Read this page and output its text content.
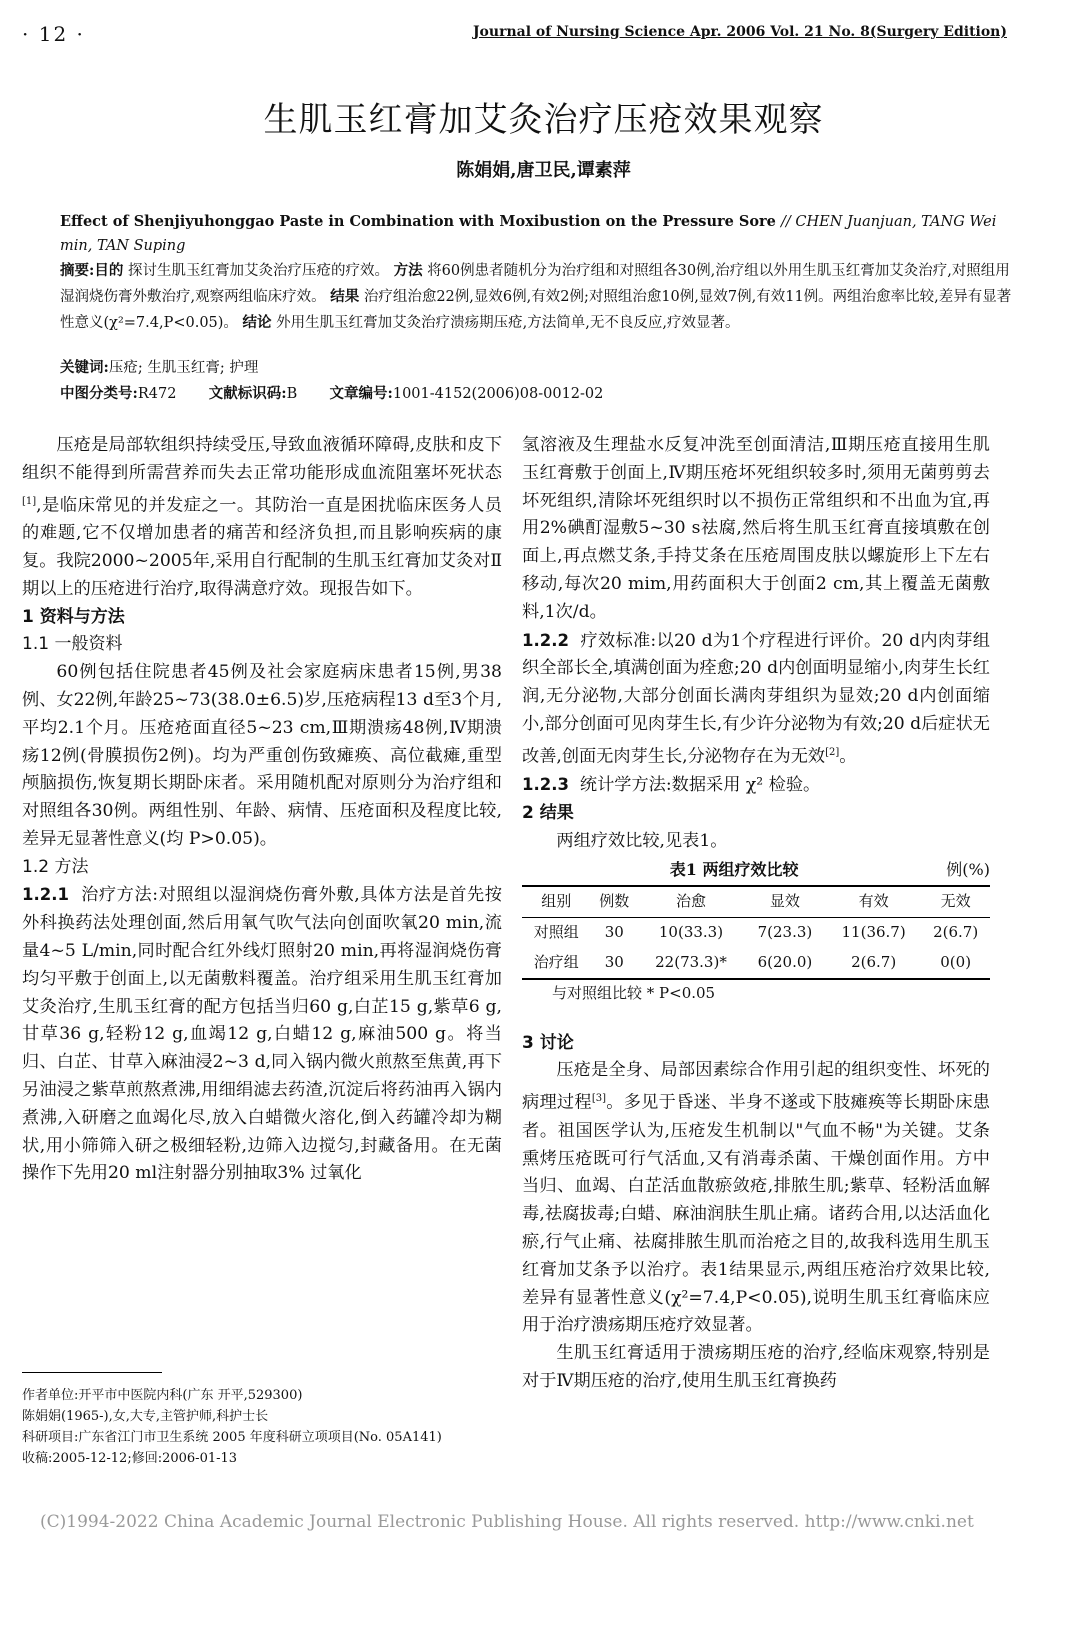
· 12 ·	Journal of Nursing Science Apr. 2006 Vol. 21 No. 8(Surgery Edition)
生肌玉红膏加艾灸治疗压疮效果观察
陈娟娟,唐卫民,谭素萍
Effect of Shenjiyuhonggao Paste in Combination with Moxibustion on the Pressure Sore // CHEN Juanjuan, TANG Wei min, TAN Suping
摘要:目的 探讨生肌玉红膏加艾灸治疗压疮的疗效。 方法 将60例患者随机分为治疗组和对照组各30例,治疗组以外用生肌玉红膏加艾灸治疗,对照组用湿润烧伤膏外敷治疗,观察两组临床疗效。 结果 治疗组治愈22例,显效6例,有效2例;对照组治愈10例,显效7例,有效11例。两组治愈率比较,差异有显著性意义(χ²=7.4,P<0.05)。 结论 外用生肌玉红膏加艾灸治疗溃疡期压疮,方法简单,无不良反应,疗效显著。
关键词:压疮; 生肌玉红膏; 护理
中图分类号:R472 文献标识码:B 文章编号:1001-4152(2006)08-0012-02

压疮是局部软组织持续受压,导致血液循环障碍,皮肤和皮下组织不能得到所需营养而失去正常功能形成血流阻塞坏死状态[1],是临床常见的并发症之一。其防治一直是困扰临床医务人员的难题,它不仅增加患者的痛苦和经济负担,而且影响疾病的康复。我院2000~2005年,采用自行配制的生肌玉红膏加艾灸对Ⅱ期以上的压疮进行治疗,取得满意疗效。现报告如下。

1 资料与方法

1.1 一般资料

60例包括住院患者45例及社会家庭病床患者15例,男38例、女22例,年龄25~73(38.0±6.5)岁,压疮病程13 d至3个月,平均2.1个月。压疮疮面直径5~23 cm,Ⅲ期溃疡48例,Ⅳ期溃疡12例(骨膜损伤2例)。均为严重创伤致瘫痪、高位截瘫,重型颅脑损伤,恢复期长期卧床者。采用随机配对原则分为治疗组和对照组各30例。两组性别、年龄、病情、压疮面积及程度比较,差异无显著性意义(均 P>0.05)。

1.2 方法

1.2.1 治疗方法:对照组以湿润烧伤膏外敷,具体方法是首先按外科换药法处理创面,然后用氧气吹气法向创面吹氧20 min,流量4~5 L/min,同时配合红外线灯照射20 min,再将湿润烧伤膏均匀平敷于创面上,以无菌敷料覆盖。治疗组采用生肌玉红膏加艾灸治疗,生肌玉红膏的配方包括当归60 g,白芷15 g,紫草6 g,甘草36 g,轻粉12 g,血竭12 g,白蜡12 g,麻油500 g。将当归、白芷、甘草入麻油浸2~3 d,同入锅内微火煎熬至焦黄,再下另油浸之紫草煎熬煮沸,用细绢滤去药渣,沉淀后将药油再入锅内煮沸,入研磨之血竭化尽,放入白蜡微火溶化,倒入药罐冷却为糊状,用小筛筛入研之极细轻粉,边筛入边搅匀,封藏备用。在无菌操作下先用20 ml注射器分别抽取3% 过氧化

氢溶液及生理盐水反复冲洗至创面清洁,Ⅲ期压疮直接用生肌玉红膏敷于创面上,Ⅳ期压疮坏死组织较多时,须用无菌剪剪去坏死组织,清除坏死组织时以不损伤正常组织和不出血为宜,再用2%碘酊湿敷5~30 s祛腐,然后将生肌玉红膏直接填敷在创面上,再点燃艾条,手持艾条在压疮周围皮肤以螺旋形上下左右移动,每次20 mim,用药面积大于创面2 cm,其上覆盖无菌敷料,1次/d。

1.2.2 疗效标准:以20 d为1个疗程进行评价。20 d内肉芽组织全部长全,填满创面为痊愈;20 d内创面明显缩小,肉芽生长红润,无分泌物,大部分创面长满肉芽组织为显效;20 d内创面缩小,部分创面可见肉芽生长,有少许分泌物为有效;20 d后症状无改善,创面无肉芽生长,分泌物存在为无效[2]。

1.2.3 统计学方法:数据采用 χ² 检验。

2 结果

两组疗效比较,见表1。

表1 两组疗效比较	例(%)
组别	例数	治愈	显效	有效	无效
对照组	30	10(33.3)	7(23.3)	11(36.7)	2(6.7)
治疗组	30	22(73.3)*	6(20.0)	2(6.7)	0(0)
与对照组比较 * P<0.05

3 讨论

压疮是全身、局部因素综合作用引起的组织变性、坏死的病理过程[3]。多见于昏迷、半身不遂或下肢瘫痪等长期卧床患者。祖国医学认为,压疮发生机制以"气血不畅"为关键。艾条熏烤压疮既可行气活血,又有消毒杀菌、干燥创面作用。方中当归、血竭、白芷活血散瘀敛疮,排脓生肌;紫草、轻粉活血解毒,祛腐拔毒;白蜡、麻油润肤生肌止痛。诸药合用,以达活血化瘀,行气止痛、祛腐排脓生肌而治疮之目的,故我科选用生肌玉红膏加艾条予以治疗。表1结果显示,两组压疮治疗效果比较,差异有显著性意义(χ²=7.4,P<0.05),说明生肌玉红膏临床应用于治疗溃疡期压疮疗效显著。

生肌玉红膏适用于溃疡期压疮的治疗,经临床观察,特别是对于Ⅳ期压疮的治疗,使用生肌玉红膏换药

作者单位:开平市中医院内科(广东 开平,529300)
陈娟娟(1965-),女,大专,主管护师,科护士长
科研项目:广东省江门市卫生系统 2005 年度科研立项项目(No. 05A141)
收稿:2005-12-12;修回:2006-01-13
(C)1994-2022 China Academic Journal Electronic Publishing House. All rights reserved. http://www.cnki.net
